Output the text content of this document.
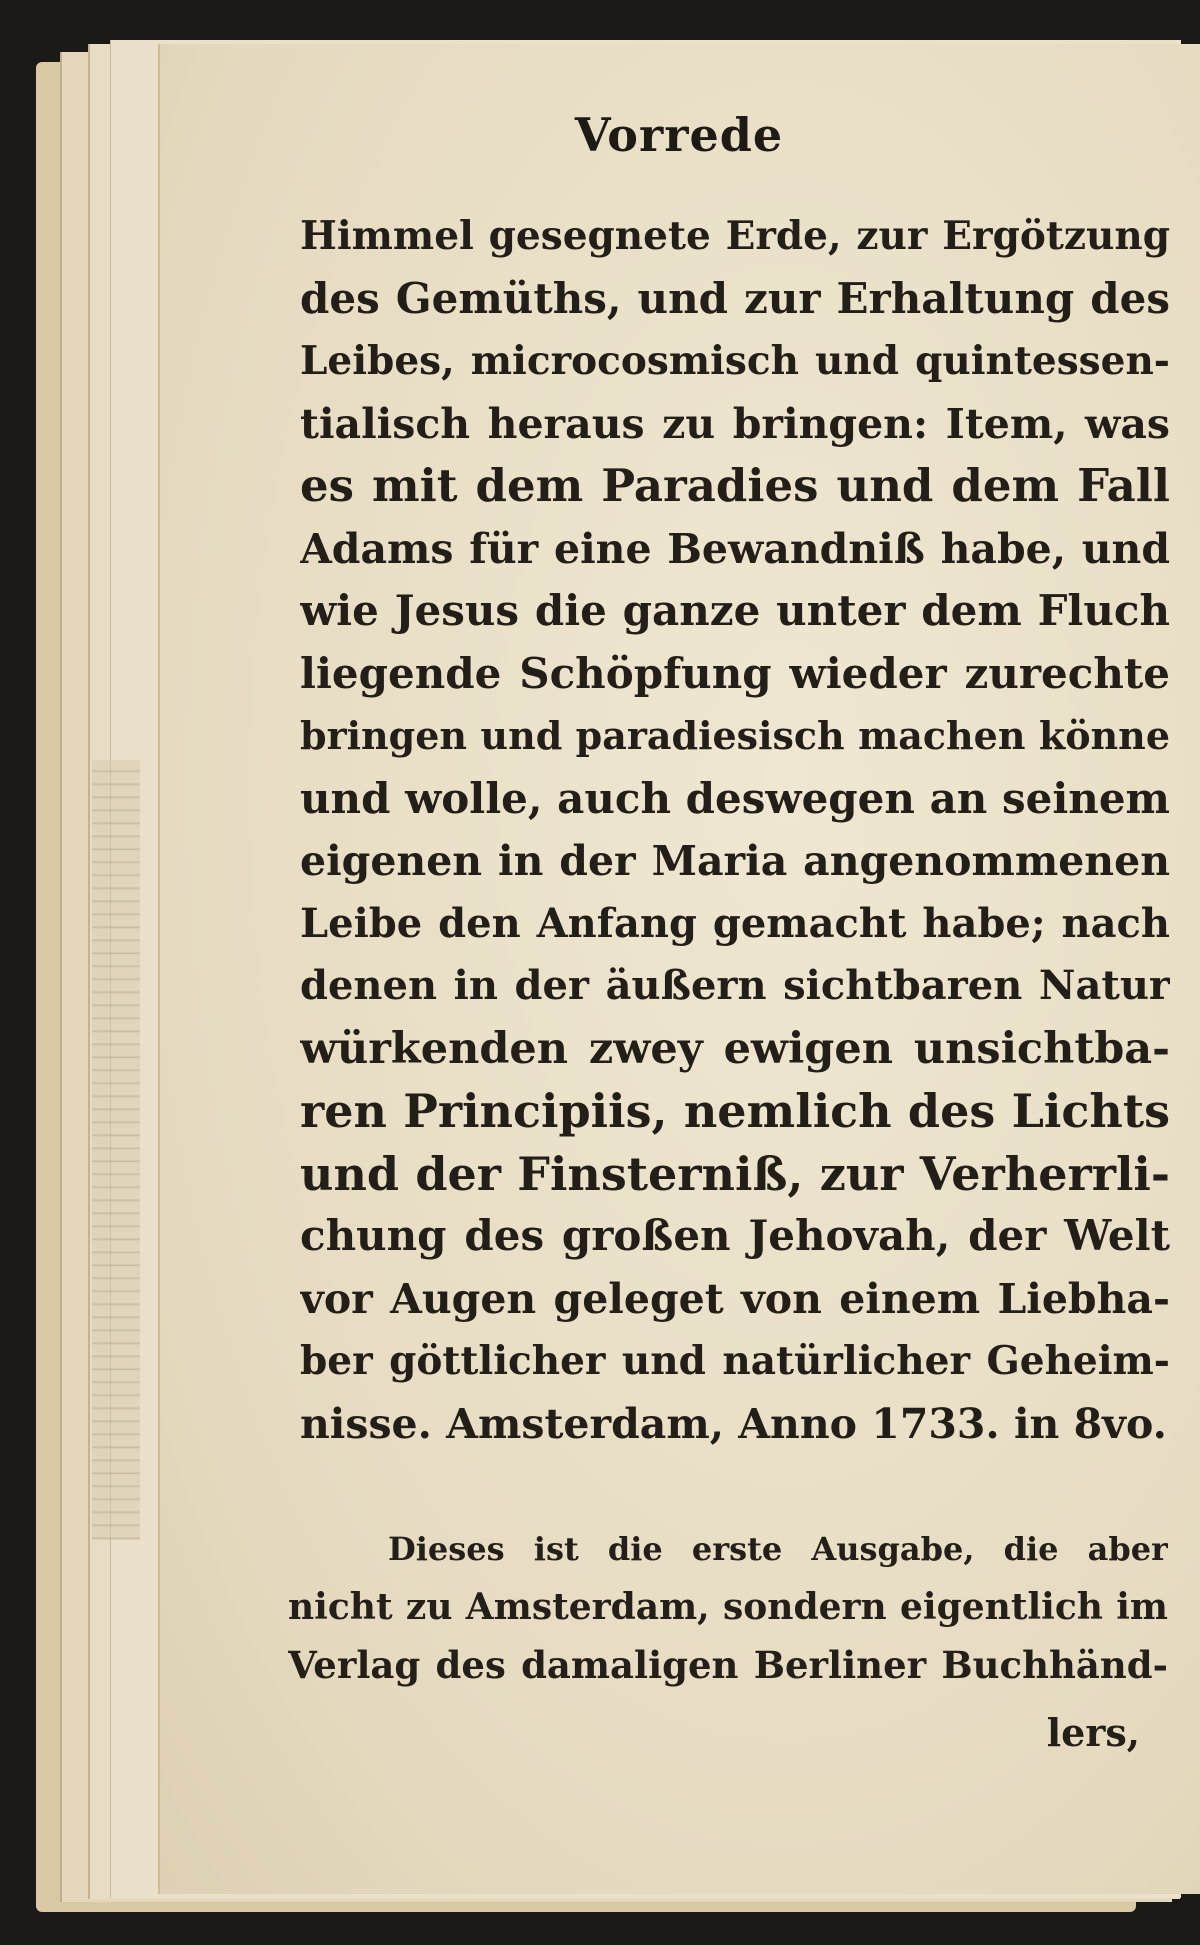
Vorrede
Himmel gesegnete Erde, zur Ergötzung
des Gemüths, und zur Erhaltung des
Leibes, microcosmisch und quintessen-
tialisch heraus zu bringen: Item, was
es mit dem Paradies und dem Fall
Adams für eine Bewandniß habe, und
wie Jesus die ganze unter dem Fluch
liegende Schöpfung wieder zurechte
bringen und paradiesisch machen könne
und wolle, auch deswegen an seinem
eigenen in der Maria angenommenen
Leibe den Anfang gemacht habe; nach
denen in der äußern sichtbaren Natur
würkenden zwey ewigen unsichtba-
ren Principiis, nemlich des Lichts
und der Finsterniß, zur Verherrli-
chung des großen Jehovah, der Welt
vor Augen geleget von einem Liebha-
ber göttlicher und natürlicher Geheim-
nisse. Amsterdam, Anno 1733. in 8vo.
Dieses ist die erste Ausgabe, die aber
nicht zu Amsterdam, sondern eigentlich im
Verlag des damaligen Berliner Buchhänd-
lers,
